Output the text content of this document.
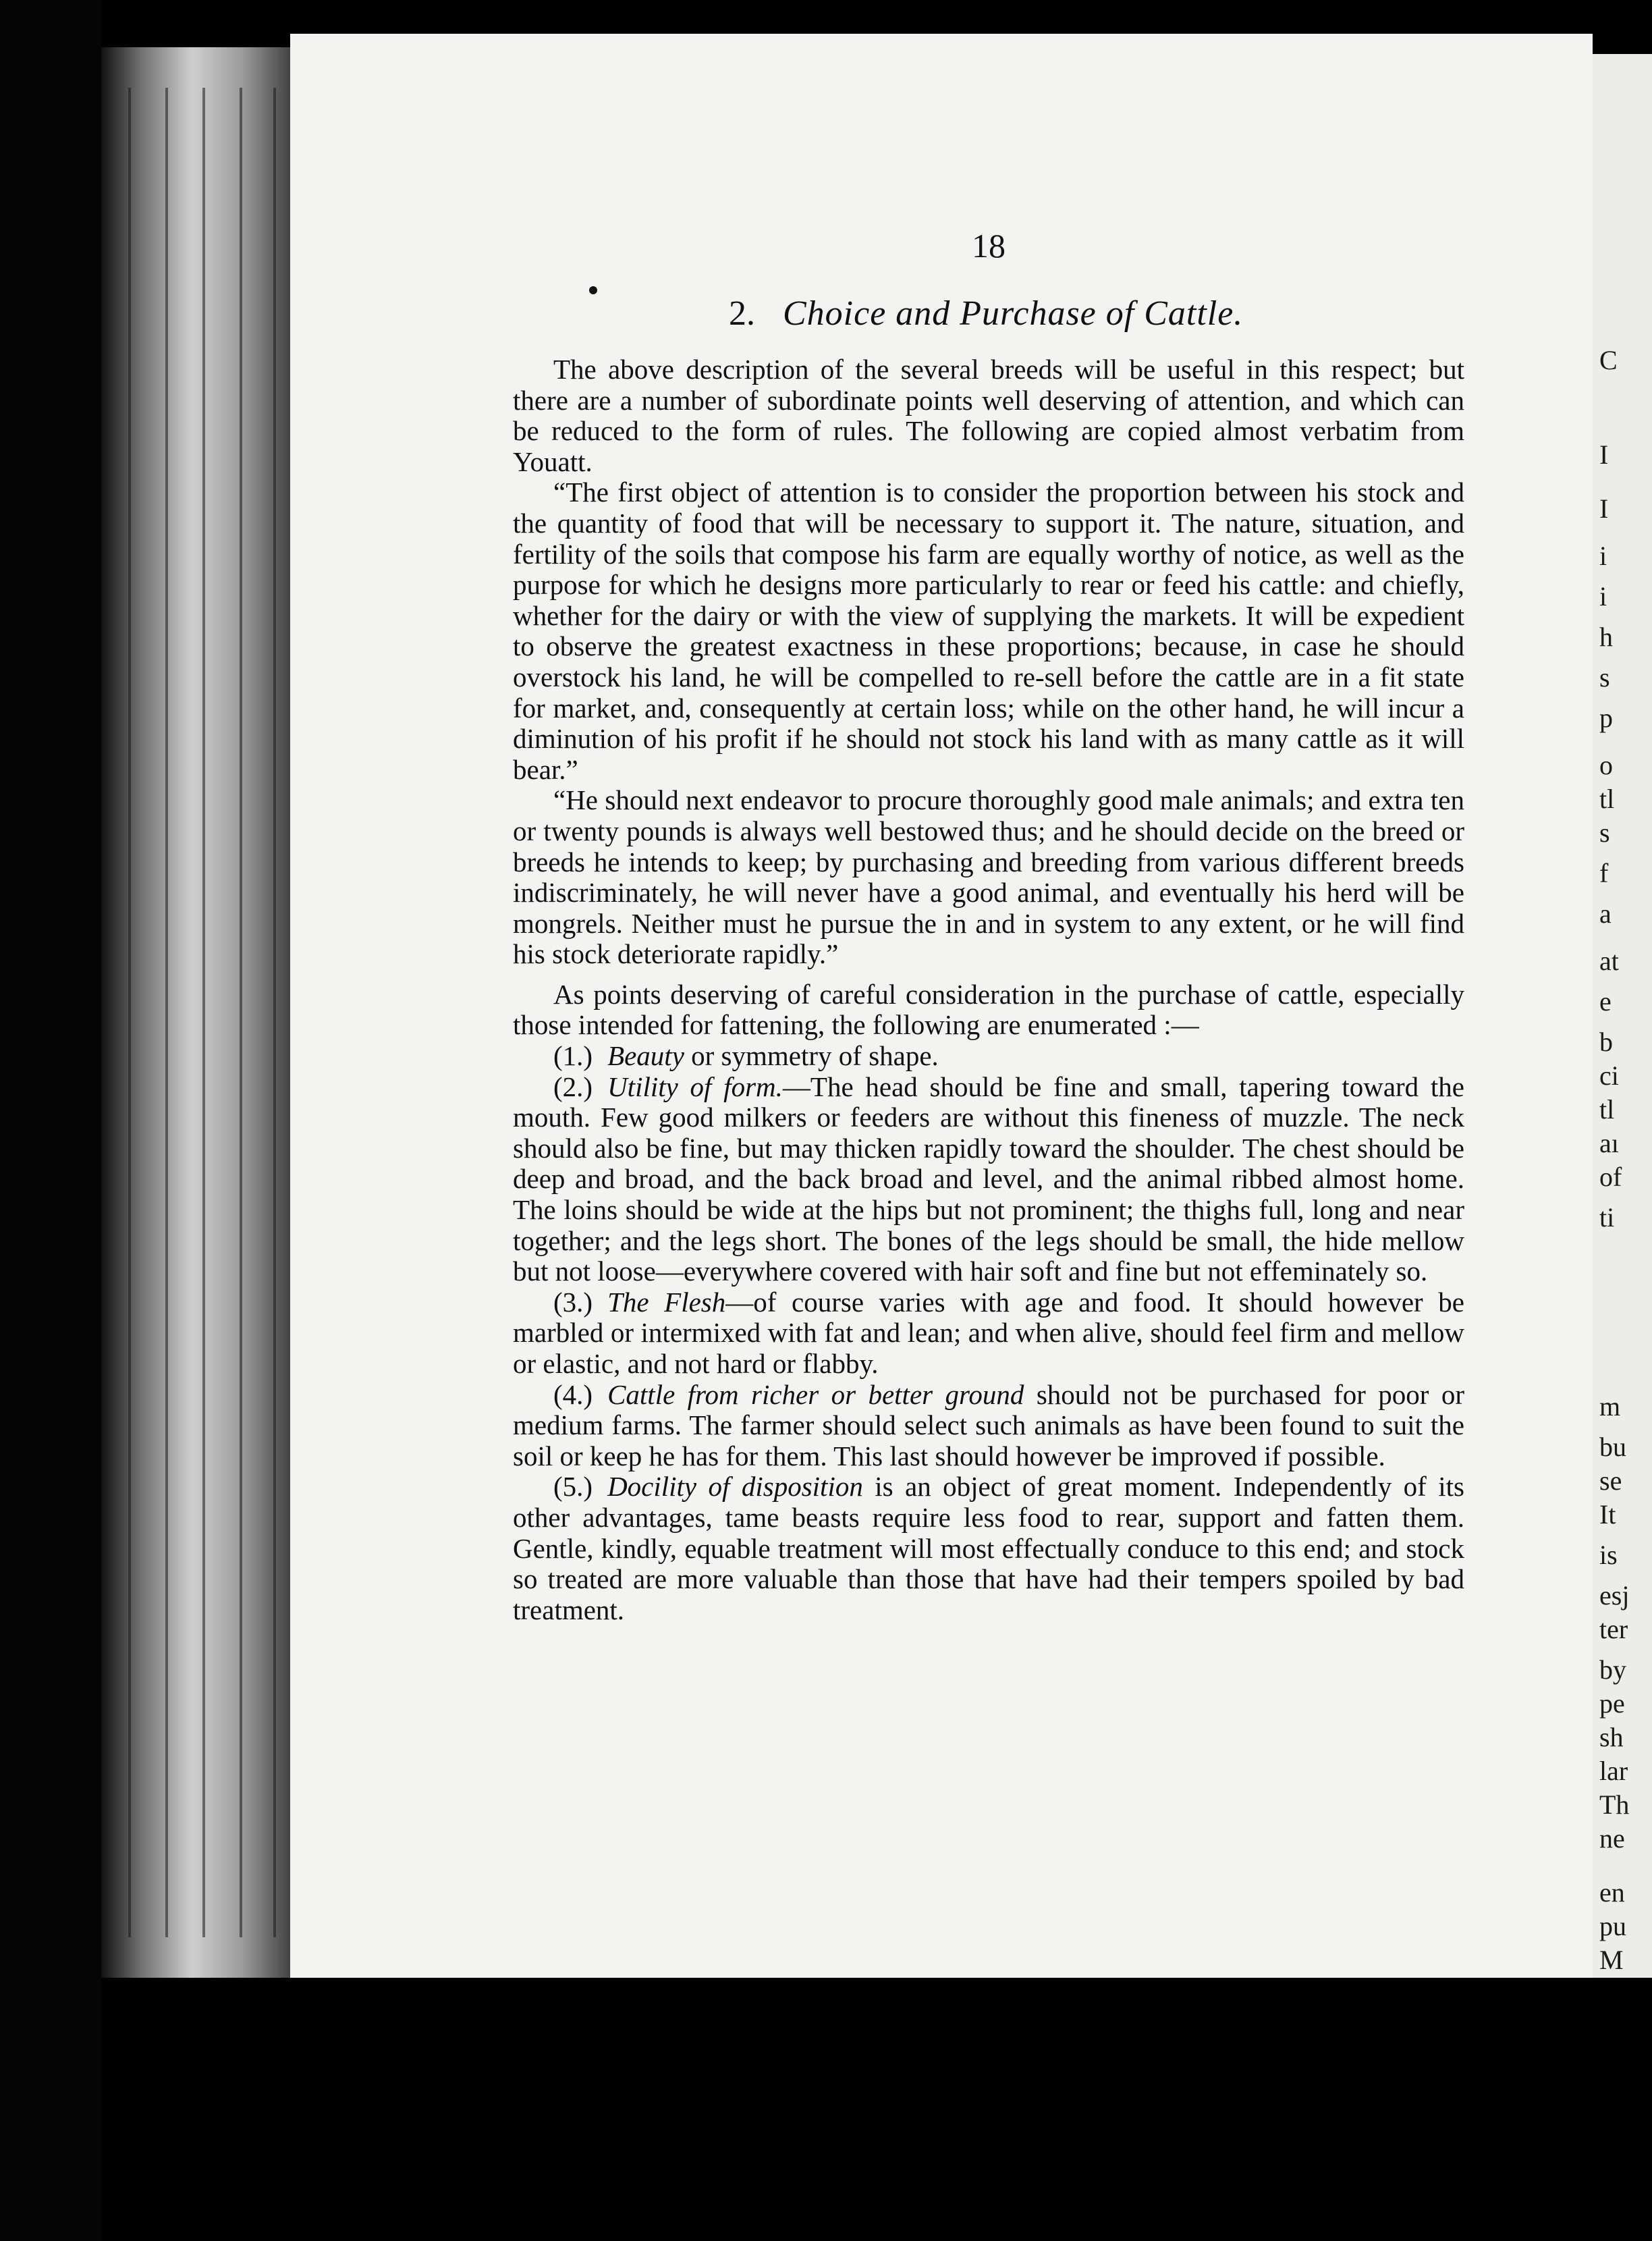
C
I
I
i
i
h
s
p
o
tl
s
f
a
at
e
b
ci
tl
aı
of
ti
m
bu
se
It
is
esj
ter
by
pe
sh
lar
Th
ne
en
pu
M
18
2. Choice and Purchase of Cattle.

The above description of the several breeds will be useful in this respect; but there are a number of subordinate points well deserving of attention, and which can be reduced to the form of rules. The following are copied almost verbatim from Youatt.

“The first object of attention is to consider the proportion between his stock and the quantity of food that will be necessary to support it. The nature, situation, and fertility of the soils that compose his farm are equally worthy of notice, as well as the purpose for which he designs more particularly to rear or feed his cattle: and chiefly, whether for the dairy or with the view of supplying the markets. It will be expedient to observe the greatest exactness in these proportions; because, in case he should overstock his land, he will be compelled to re-sell before the cattle are in a fit state for market, and, consequently at certain loss; while on the other hand, he will incur a diminution of his profit if he should not stock his land with as many cattle as it will bear.”

“He should next endeavor to procure thoroughly good male animals; and extra ten or twenty pounds is always well bestowed thus; and he should decide on the breed or breeds he intends to keep; by purchasing and breeding from various different breeds indiscriminately, he will never have a good animal, and eventually his herd will be mongrels. Neither must he pursue the in and in system to any extent, or he will find his stock deteriorate rapidly.”

As points deserving of careful consideration in the purchase of cattle, especially those intended for fattening, the following are enumerated :—

(1.) Beauty or symmetry of shape.

(2.) Utility of form.—The head should be fine and small, tapering toward the mouth. Few good milkers or feeders are without this fineness of muzzle. The neck should also be fine, but may thicken rapidly toward the shoulder. The chest should be deep and broad, and the back broad and level, and the animal ribbed almost home. The loins should be wide at the hips but not prominent; the thighs full, long and near together; and the legs short. The bones of the legs should be small, the hide mellow but not loose—everywhere covered with hair soft and fine but not effeminately so.

(3.) The Flesh—of course varies with age and food. It should however be marbled or intermixed with fat and lean; and when alive, should feel firm and mellow or elastic, and not hard or flabby.

(4.) Cattle from richer or better ground should not be purchased for poor or medium farms. The farmer should select such animals as have been found to suit the soil or keep he has for them. This last should however be improved if possible.

(5.) Docility of disposition is an object of great moment. Independently of its other advantages, tame beasts require less food to rear, support and fatten them. Gentle, kindly, equable treatment will most effectually conduce to this end; and stock so treated are more valuable than those that have had their tempers spoiled by bad treatment.
